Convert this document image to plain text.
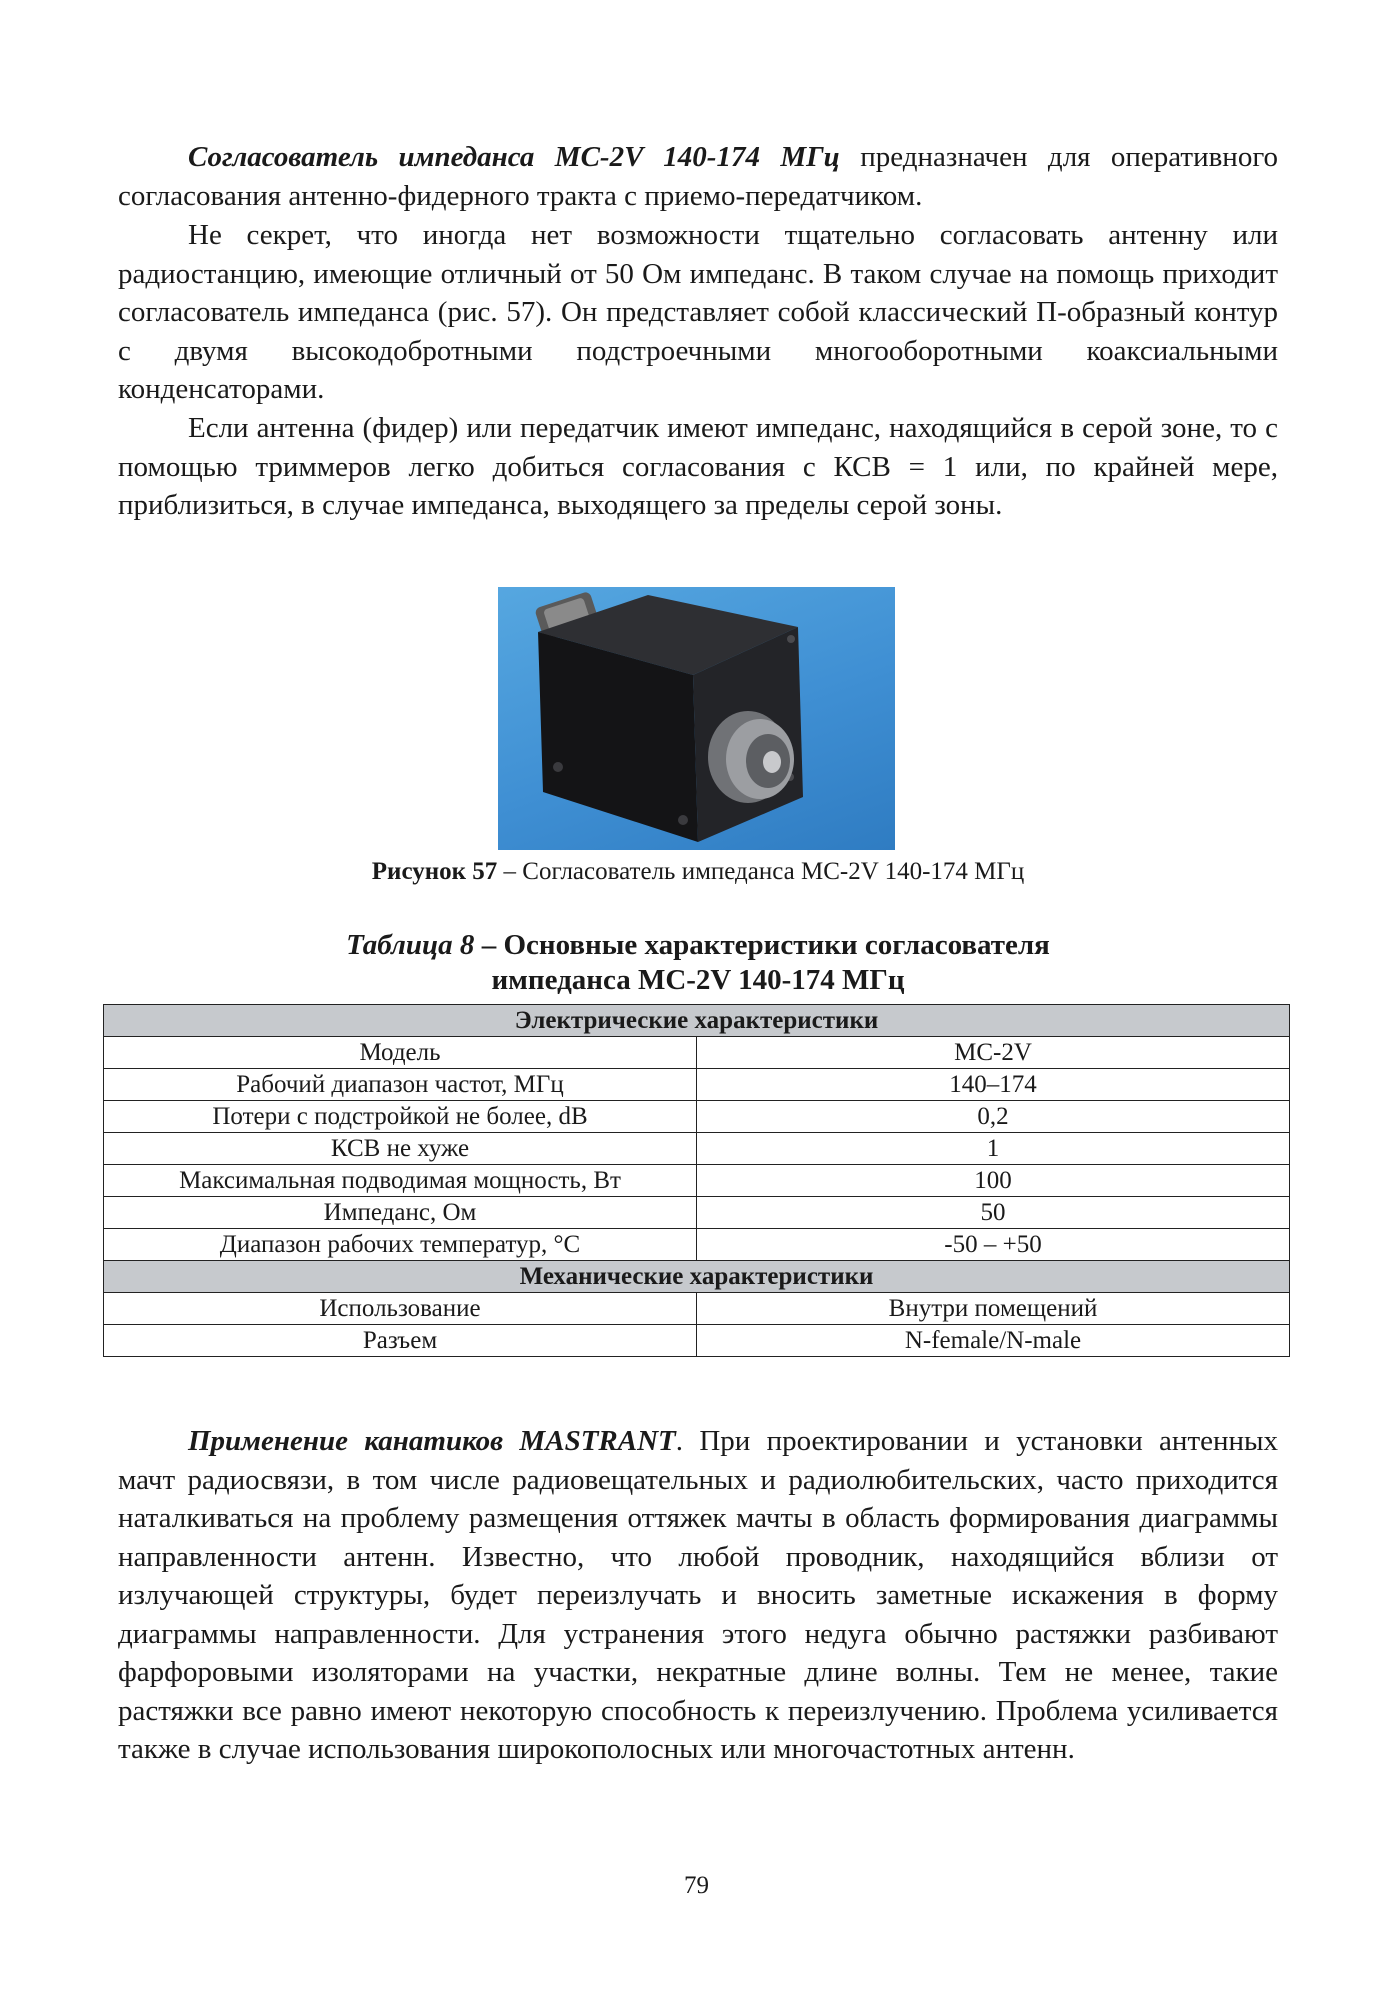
Согласователь импеданса МС-2V 140-174 МГц предназначен для оперативного согласования антенно-фидерного тракта с приемо-передатчиком.

Не секрет, что иногда нет возможности тщательно согласовать антенну или радиостанцию, имеющие отличный от 50 Ом импеданс. В таком случае на помощь приходит согласователь импеданса (рис. 57). Он представляет собой классический П-образный контур с двумя высокодобротными подстроечными многооборотными коаксиальными конденсаторами.

Если антенна (фидер) или передатчик имеют импеданс, находящийся в серой зоне, то с помощью триммеров легко добиться согласования с КСВ = 1 или, по крайней мере, приблизиться, в случае импеданса, выходящего за пределы серой зоны.

Рисунок 57 – Согласователь импеданса МС-2V 140-174 МГц
Таблица 8 – Основные характеристики согласователя
импеданса МС-2V 140-174 МГц
Электрические характеристики	
Модель	МС-2V
Рабочий диапазон частот, МГц	140–174
Потери с подстройкой не более, dB	0,2
КСВ не хуже	1
Максимальная подводимая мощность, Вт	100
Импеданс, Ом	50
Диапазон рабочих температур, °C	-50 – +50
Механические характеристики	
Использование	Внутри помещений
Разъем	N-female/N-male

Применение канатиков MASTRANT. При проектировании и установки антенных мачт радиосвязи, в том числе радиовещательных и радиолюбительских, часто приходится наталкиваться на проблему размещения оттяжек мачты в область формирования диаграммы направленности антенн. Известно, что любой проводник, находящийся вблизи от излучающей структуры, будет переизлучать и вносить заметные искажения в форму диаграммы направленности. Для устранения этого недуга обычно растяжки разбивают фарфоровыми изоляторами на участки, некратные длине волны. Тем не менее, такие растяжки все равно имеют некоторую способность к переизлучению. Проблема усиливается также в случае использования широкополосных или многочастотных антенн.

79
